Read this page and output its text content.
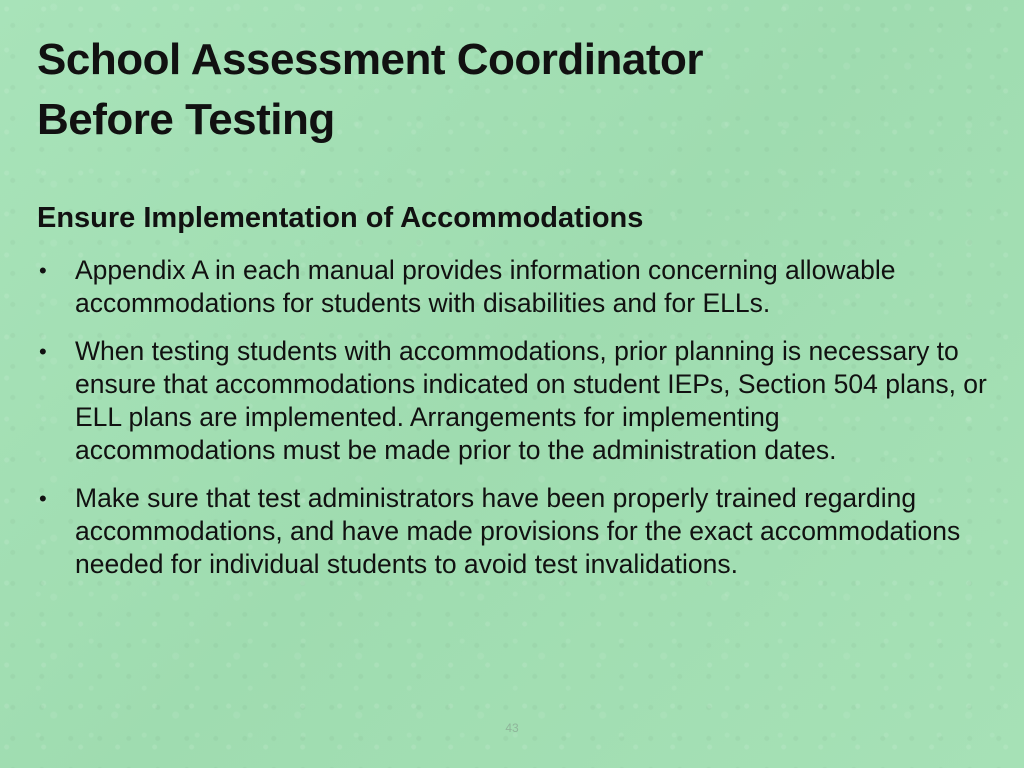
School Assessment Coordinator
Before Testing
Ensure Implementation of Accommodations
• Appendix A in each manual provides information concerning allowable accommodations for students with disabilities and for ELLs.
• When testing students with accommodations, prior planning is necessary to ensure that accommodations indicated on student IEPs, Section 504 plans, or ELL plans are implemented. Arrangements for implementing accommodations must be made prior to the administration dates.
• Make sure that test administrators have been properly trained regarding accommodations, and have made provisions for the exact accommodations needed for individual students to avoid test invalidations.
43
